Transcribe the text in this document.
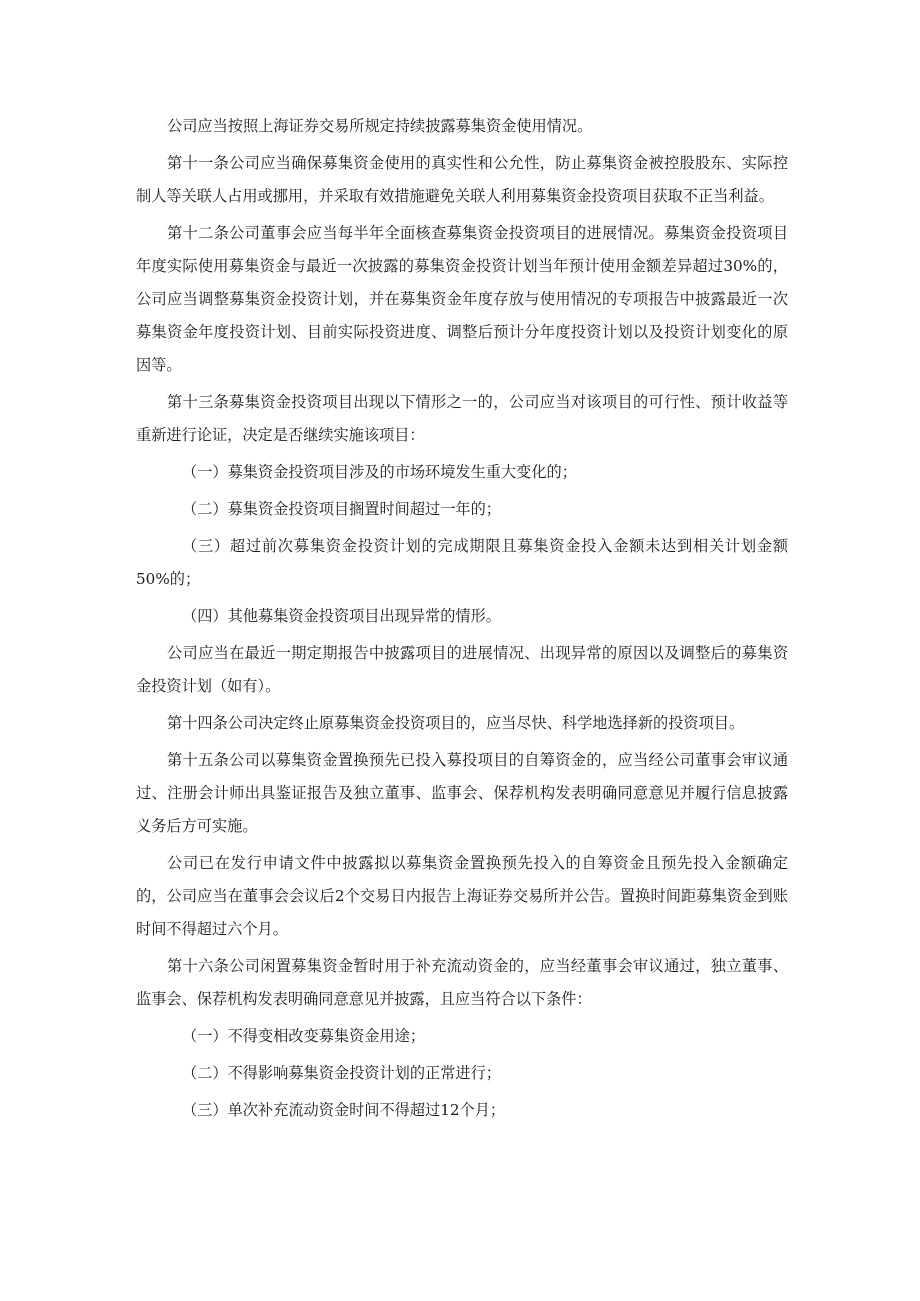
公司应当按照上海证券交易所规定持续披露募集资金使用情况。

第十一条公司应当确保募集资金使用的真实性和公允性，防止募集资金被控股股东、实际控制人等关联人占用或挪用，并采取有效措施避免关联人利用募集资金投资项目获取不正当利益。

第十二条公司董事会应当每半年全面核查募集资金投资项目的进展情况。募集资金投资项目年度实际使用募集资金与最近一次披露的募集资金投资计划当年预计使用金额差异超过30%的，公司应当调整募集资金投资计划，并在募集资金年度存放与使用情况的专项报告中披露最近一次募集资金年度投资计划、目前实际投资进度、调整后预计分年度投资计划以及投资计划变化的原因等。

第十三条募集资金投资项目出现以下情形之一的，公司应当对该项目的可行性、预计收益等重新进行论证，决定是否继续实施该项目：

（一）募集资金投资项目涉及的市场环境发生重大变化的；

（二）募集资金投资项目搁置时间超过一年的；

（三）超过前次募集资金投资计划的完成期限且募集资金投入金额未达到相关计划金额50%的；

（四）其他募集资金投资项目出现异常的情形。

公司应当在最近一期定期报告中披露项目的进展情况、出现异常的原因以及调整后的募集资金投资计划（如有）。

第十四条公司决定终止原募集资金投资项目的，应当尽快、科学地选择新的投资项目。

第十五条公司以募集资金置换预先已投入募投项目的自筹资金的，应当经公司董事会审议通过、注册会计师出具鉴证报告及独立董事、监事会、保荐机构发表明确同意意见并履行信息披露义务后方可实施。

公司已在发行申请文件中披露拟以募集资金置换预先投入的自筹资金且预先投入金额确定的，公司应当在董事会会议后2个交易日内报告上海证券交易所并公告。置换时间距募集资金到账时间不得超过六个月。

第十六条公司闲置募集资金暂时用于补充流动资金的，应当经董事会审议通过，独立董事、监事会、保荐机构发表明确同意意见并披露，且应当符合以下条件：

（一）不得变相改变募集资金用途；

（二）不得影响募集资金投资计划的正常进行；

（三）单次补充流动资金时间不得超过12个月；
